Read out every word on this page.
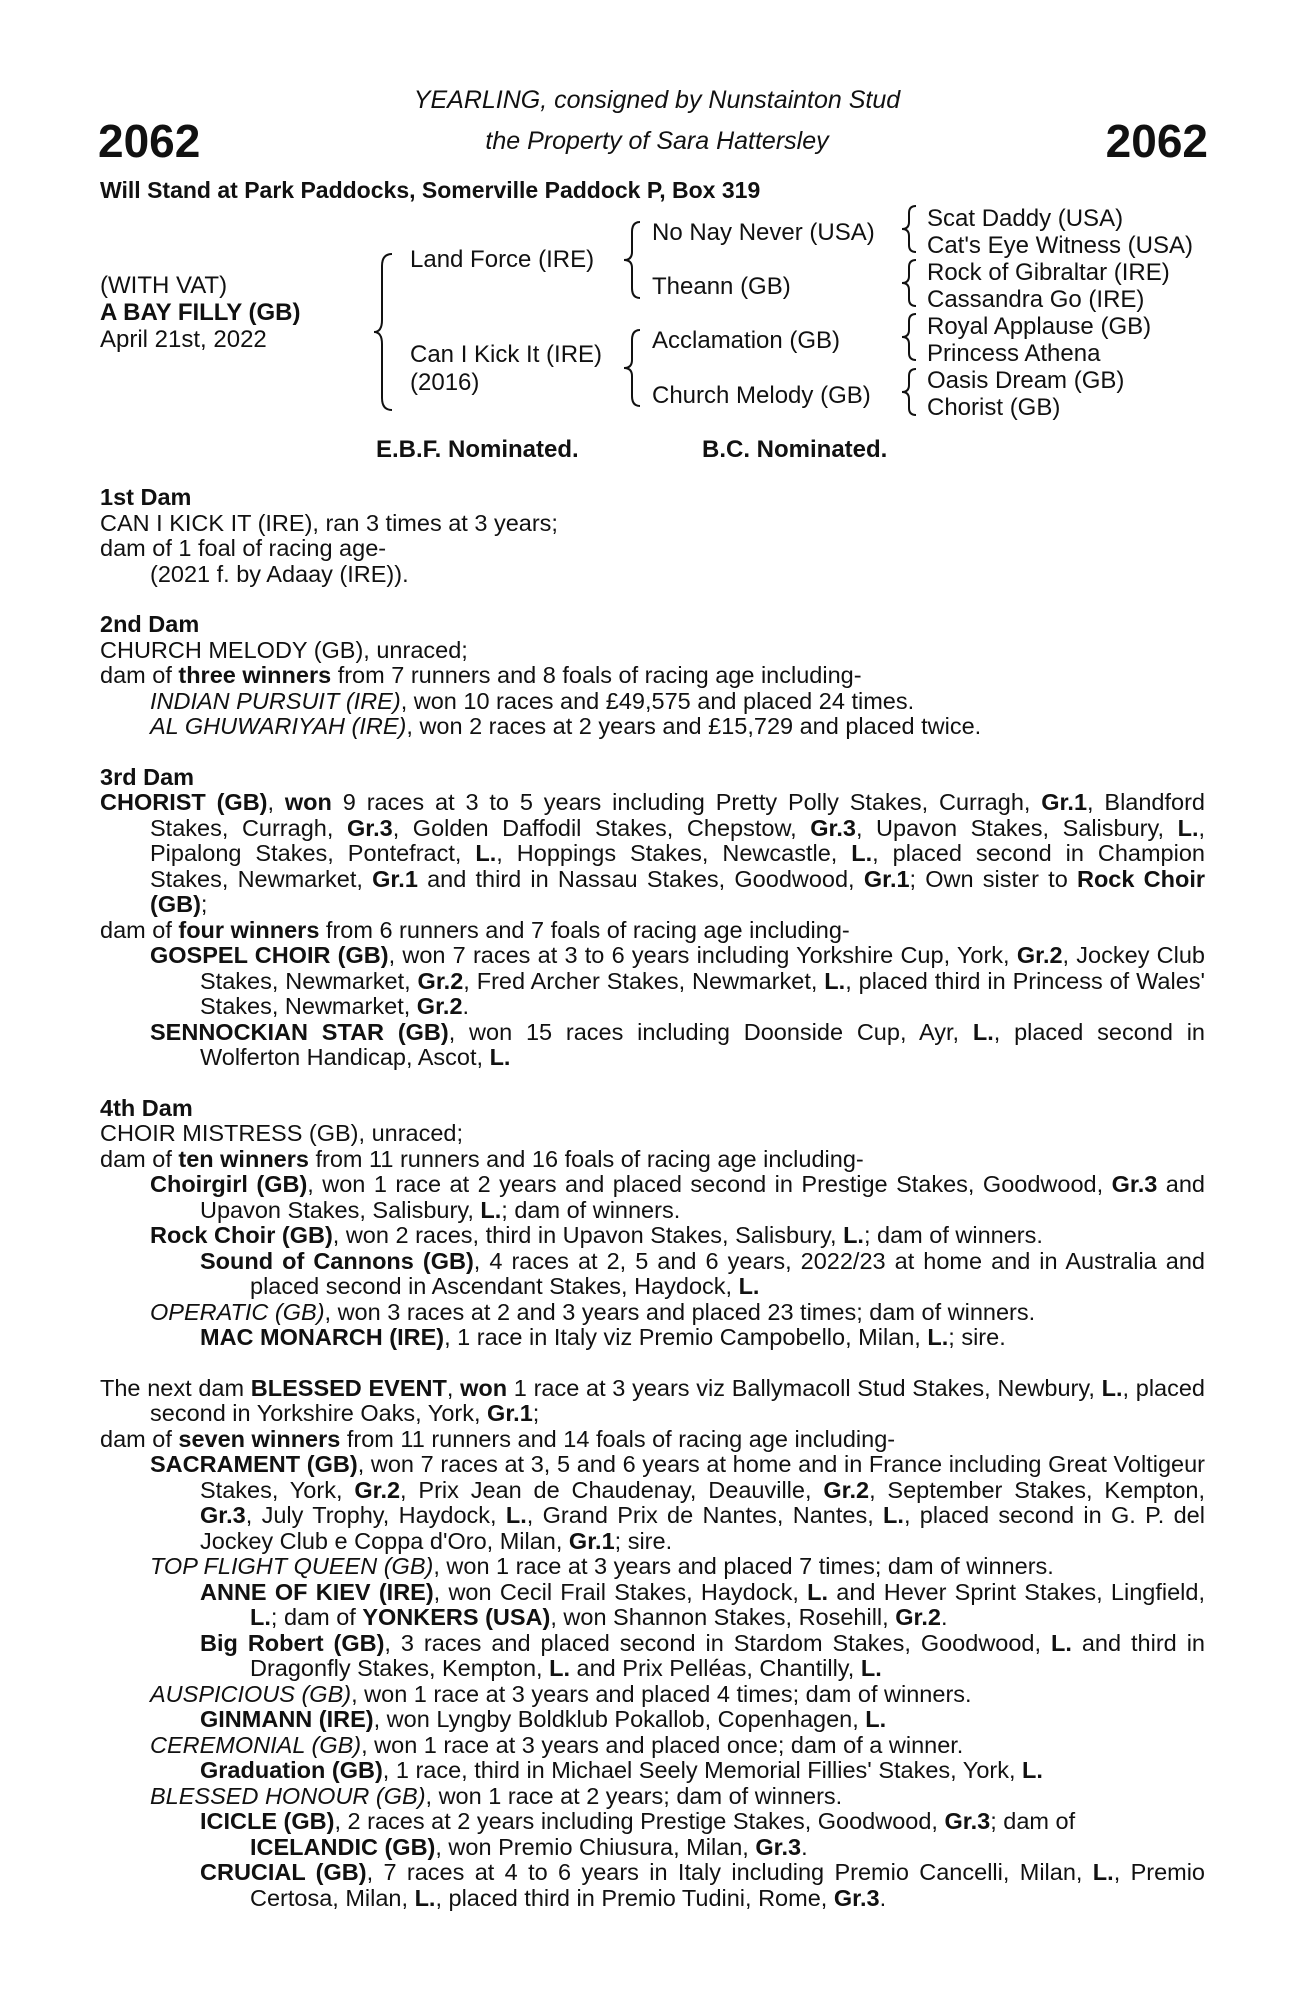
2062	2062
YEARLING, consigned by Nunstainton Stud
the Property of Sara Hattersley
Will Stand at Park Paddocks, Somerville Paddock P, Box 319
(WITH VAT)
A BAY FILLY (GB)
April 21st, 2022
Land Force (IRE)
Can I Kick It (IRE)
(2016)
No Nay Never (USA)
Theann (GB)
Acclamation (GB)
Church Melody (GB)
Scat Daddy (USA)
Cat's Eye Witness (USA)
Rock of Gibraltar (IRE)
Cassandra Go (IRE)
Royal Applause (GB)
Princess Athena
Oasis Dream (GB)
Chorist (GB)
E.B.F. Nominated.	B.C. Nominated.

1st Dam

CAN I KICK IT (IRE), ran 3 times at 3 years;

dam of 1 foal of racing age-

(2021 f. by Adaay (IRE)).

2nd Dam

CHURCH MELODY (GB), unraced;

dam of three winners from 7 runners and 8 foals of racing age including-

INDIAN PURSUIT (IRE), won 10 races and £49,575 and placed 24 times.

AL GHUWARIYAH (IRE), won 2 races at 2 years and £15,729 and placed twice.

3rd Dam

CHORIST (GB), won 9 races at 3 to 5 years including Pretty Polly Stakes, Curragh, Gr.1, Blandford Stakes, Curragh, Gr.3, Golden Daffodil Stakes, Chepstow, Gr.3, Upavon Stakes, Salisbury, L., Pipalong Stakes, Pontefract, L., Hoppings Stakes, Newcastle, L., placed second in Champion Stakes, Newmarket, Gr.1 and third in Nassau Stakes, Goodwood, Gr.1; Own sister to Rock Choir (GB);

dam of four winners from 6 runners and 7 foals of racing age including-

GOSPEL CHOIR (GB), won 7 races at 3 to 6 years including Yorkshire Cup, York, Gr.2, Jockey Club Stakes, Newmarket, Gr.2, Fred Archer Stakes, Newmarket, L., placed third in Princess of Wales' Stakes, Newmarket, Gr.2.

SENNOCKIAN STAR (GB), won 15 races including Doonside Cup, Ayr, L., placed second in Wolferton Handicap, Ascot, L.

4th Dam

CHOIR MISTRESS (GB), unraced;

dam of ten winners from 11 runners and 16 foals of racing age including-

Choirgirl (GB), won 1 race at 2 years and placed second in Prestige Stakes, Goodwood, Gr.3 and Upavon Stakes, Salisbury, L.; dam of winners.

Rock Choir (GB), won 2 races, third in Upavon Stakes, Salisbury, L.; dam of winners.

Sound of Cannons (GB), 4 races at 2, 5 and 6 years, 2022/23 at home and in Australia and placed second in Ascendant Stakes, Haydock, L.

OPERATIC (GB), won 3 races at 2 and 3 years and placed 23 times; dam of winners.

MAC MONARCH (IRE), 1 race in Italy viz Premio Campobello, Milan, L.; sire.

The next dam BLESSED EVENT, won 1 race at 3 years viz Ballymacoll Stud Stakes, Newbury, L., placed second in Yorkshire Oaks, York, Gr.1;

dam of seven winners from 11 runners and 14 foals of racing age including-

SACRAMENT (GB), won 7 races at 3, 5 and 6 years at home and in France including Great Voltigeur Stakes, York, Gr.2, Prix Jean de Chaudenay, Deauville, Gr.2, September Stakes, Kempton, Gr.3, July Trophy, Haydock, L., Grand Prix de Nantes, Nantes, L., placed second in G. P. del Jockey Club e Coppa d'Oro, Milan, Gr.1; sire.

TOP FLIGHT QUEEN (GB), won 1 race at 3 years and placed 7 times; dam of winners.

ANNE OF KIEV (IRE), won Cecil Frail Stakes, Haydock, L. and Hever Sprint Stakes, Lingfield, L.; dam of YONKERS (USA), won Shannon Stakes, Rosehill, Gr.2.

Big Robert (GB), 3 races and placed second in Stardom Stakes, Goodwood, L. and third in Dragonfly Stakes, Kempton, L. and Prix Pelléas, Chantilly, L.

AUSPICIOUS (GB), won 1 race at 3 years and placed 4 times; dam of winners.

GINMANN (IRE), won Lyngby Boldklub Pokallob, Copenhagen, L.

CEREMONIAL (GB), won 1 race at 3 years and placed once; dam of a winner.

Graduation (GB), 1 race, third in Michael Seely Memorial Fillies' Stakes, York, L.

BLESSED HONOUR (GB), won 1 race at 2 years; dam of winners.

ICICLE (GB), 2 races at 2 years including Prestige Stakes, Goodwood, Gr.3; dam of

ICELANDIC (GB), won Premio Chiusura, Milan, Gr.3.

CRUCIAL (GB), 7 races at 4 to 6 years in Italy including Premio Cancelli, Milan, L., Premio Certosa, Milan, L., placed third in Premio Tudini, Rome, Gr.3.
